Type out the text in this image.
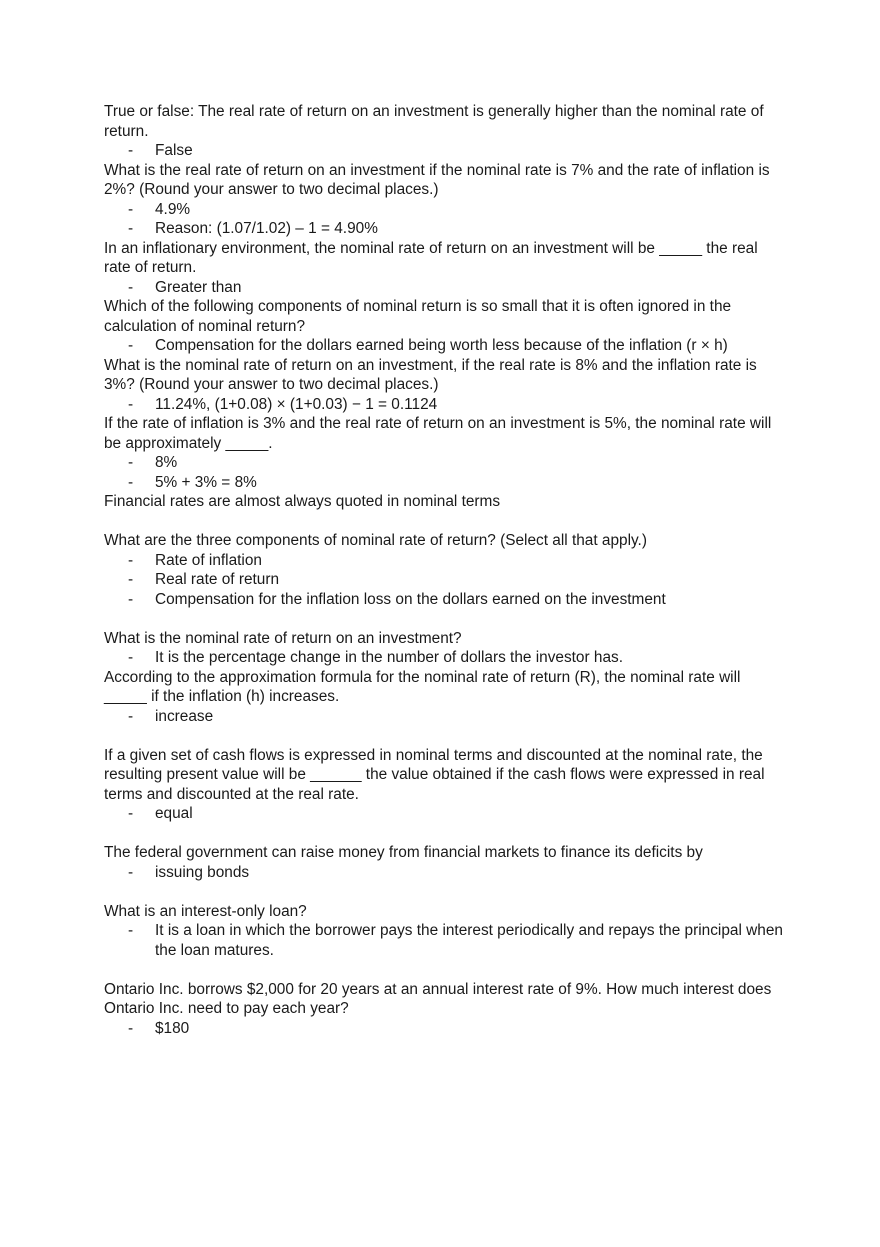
True or false: The real rate of return on an investment is generally higher than the nominal rate of return.

- False

What is the real rate of return on an investment if the nominal rate is 7% and the rate of inflation is 2%? (Round your answer to two decimal places.)

- 4.9%

- Reason: (1.07/1.02) – 1 = 4.90%

In an inflationary environment, the nominal rate of return on an investment will be _____ the real rate of return.

- Greater than

Which of the following components of nominal return is so small that it is often ignored in the calculation of nominal return?

- Compensation for the dollars earned being worth less because of the inflation (r × h)

What is the nominal rate of return on an investment, if the real rate is 8% and the inflation rate is 3%? (Round your answer to two decimal places.)

- 11.24%, (1+0.08) × (1+0.03) − 1 = 0.1124

If the rate of inflation is 3% and the real rate of return on an investment is 5%, the nominal rate will be approximately _____.

- 8%

- 5% + 3% = 8%

Financial rates are almost always quoted in nominal terms

What are the three components of nominal rate of return? (Select all that apply.)

- Rate of inflation

- Real rate of return

- Compensation for the inflation loss on the dollars earned on the investment

What is the nominal rate of return on an investment?

- It is the percentage change in the number of dollars the investor has.

According to the approximation formula for the nominal rate of return (R), the nominal rate will _____ if the inflation (h) increases.

- increase

If a given set of cash flows is expressed in nominal terms and discounted at the nominal rate, the resulting present value will be ______ the value obtained if the cash flows were expressed in real terms and discounted at the real rate.

- equal

The federal government can raise money from financial markets to finance its deficits by

- issuing bonds

What is an interest-only loan?

- It is a loan in which the borrower pays the interest periodically and repays the principal when the loan matures.

Ontario Inc. borrows $2,000 for 20 years at an annual interest rate of 9%. How much interest does Ontario Inc. need to pay each year?

- $180
